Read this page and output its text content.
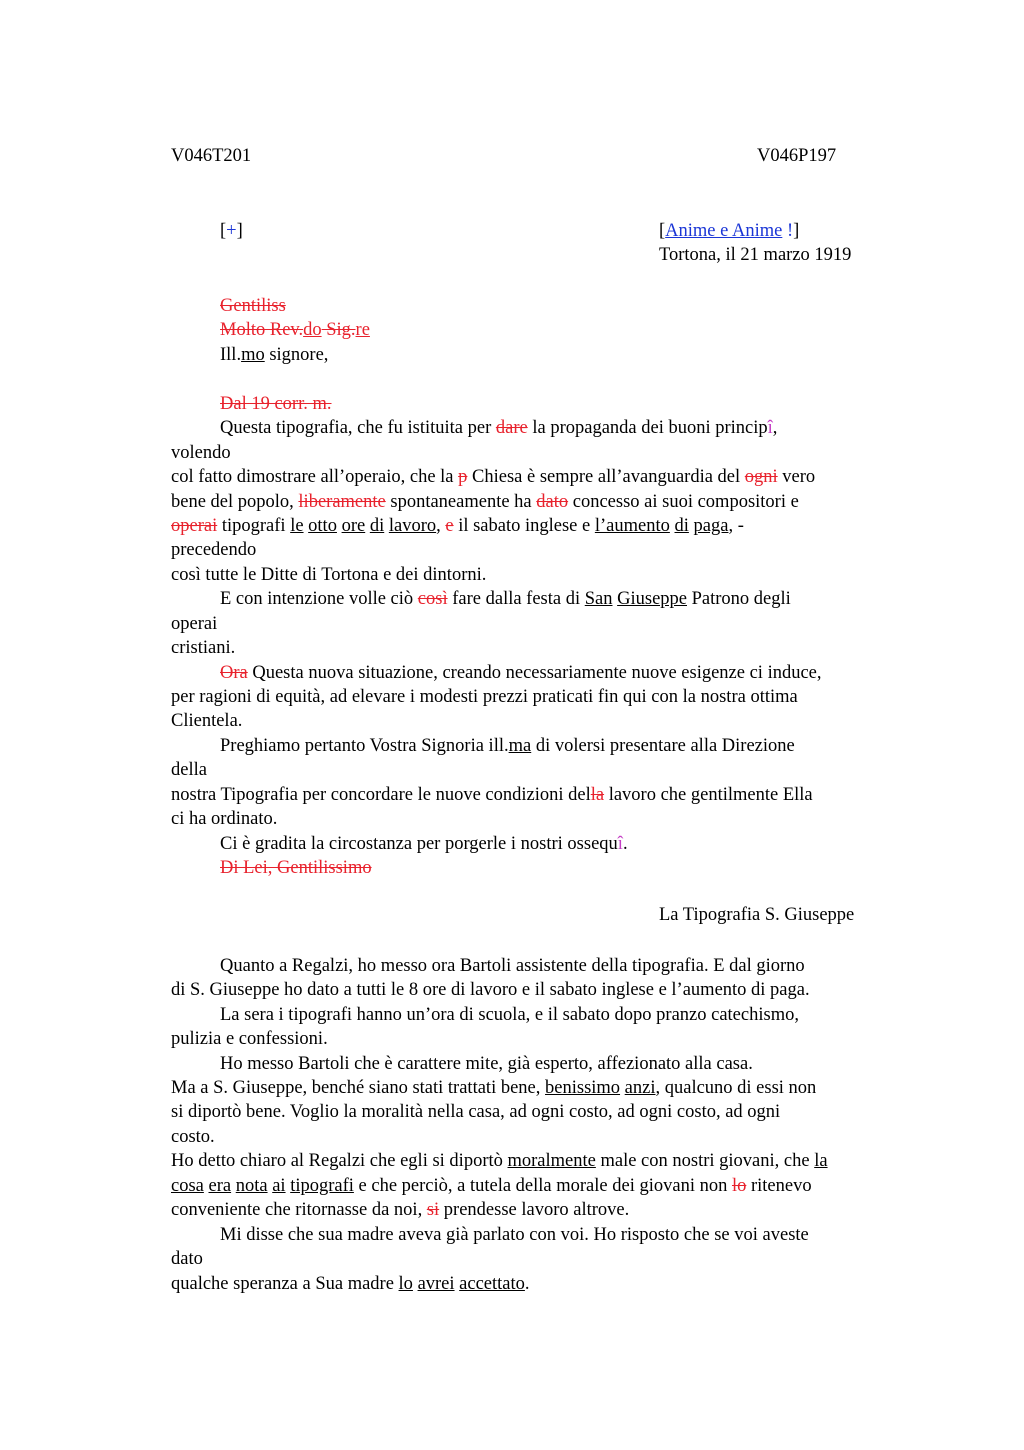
V046T201	V046P197
[+]	[Anime e Anime !]
Tortona, il 21 marzo 1919
Gentiliss
Molto Rev.do Sig.re
Ill.mo signore,
Dal 19 corr. m.
Questa tipografia, che fu istituita per dare la propaganda dei buoni principî,
volendo
col fatto dimostrare all’operaio, che la p Chiesa è sempre all’avanguardia del ogni vero
bene del popolo, liberamente spontaneamente ha dato concesso ai suoi compositori e
operai tipografi le otto ore di lavoro, e il sabato inglese e l’aumento di paga, -
precedendo
così tutte le Ditte di Tortona e dei dintorni.
E con intenzione volle ciò così fare dalla festa di San Giuseppe Patrono degli
operai
cristiani.
Ora Questa nuova situazione, creando necessariamente nuove esigenze ci induce,
per ragioni di equità, ad elevare i modesti prezzi praticati fin qui con la nostra ottima
Clientela.
Preghiamo pertanto Vostra Signoria ill.ma di volersi presentare alla Direzione
della
nostra Tipografia per concordare le nuove condizioni della lavoro che gentilmente Ella
ci ha ordinato.
Ci è gradita la circostanza per porgerle i nostri ossequî.
Di Lei, Gentilissimo
La Tipografia S. Giuseppe
Quanto a Regalzi, ho messo ora Bartoli assistente della tipografia. E dal giorno
di S. Giuseppe ho dato a tutti le 8 ore di lavoro e il sabato inglese e l’aumento di paga.
La sera i tipografi hanno un’ora di scuola, e il sabato dopo pranzo catechismo,
pulizia e confessioni.
Ho messo Bartoli che è carattere mite, già esperto, affezionato alla casa.
Ma a S. Giuseppe, benché siano stati trattati bene, benissimo anzi, qualcuno di essi non
si diportò bene. Voglio la moralità nella casa, ad ogni costo, ad ogni costo, ad ogni
costo.
Ho detto chiaro al Regalzi che egli si diportò moralmente male con nostri giovani, che la
cosa era nota ai tipografi e che perciò, a tutela della morale dei giovani non lo ritenevo
conveniente che ritornasse da noi, si prendesse lavoro altrove.
Mi disse che sua madre aveva già parlato con voi. Ho risposto che se voi aveste
dato
qualche speranza a Sua madre lo avrei accettato.
